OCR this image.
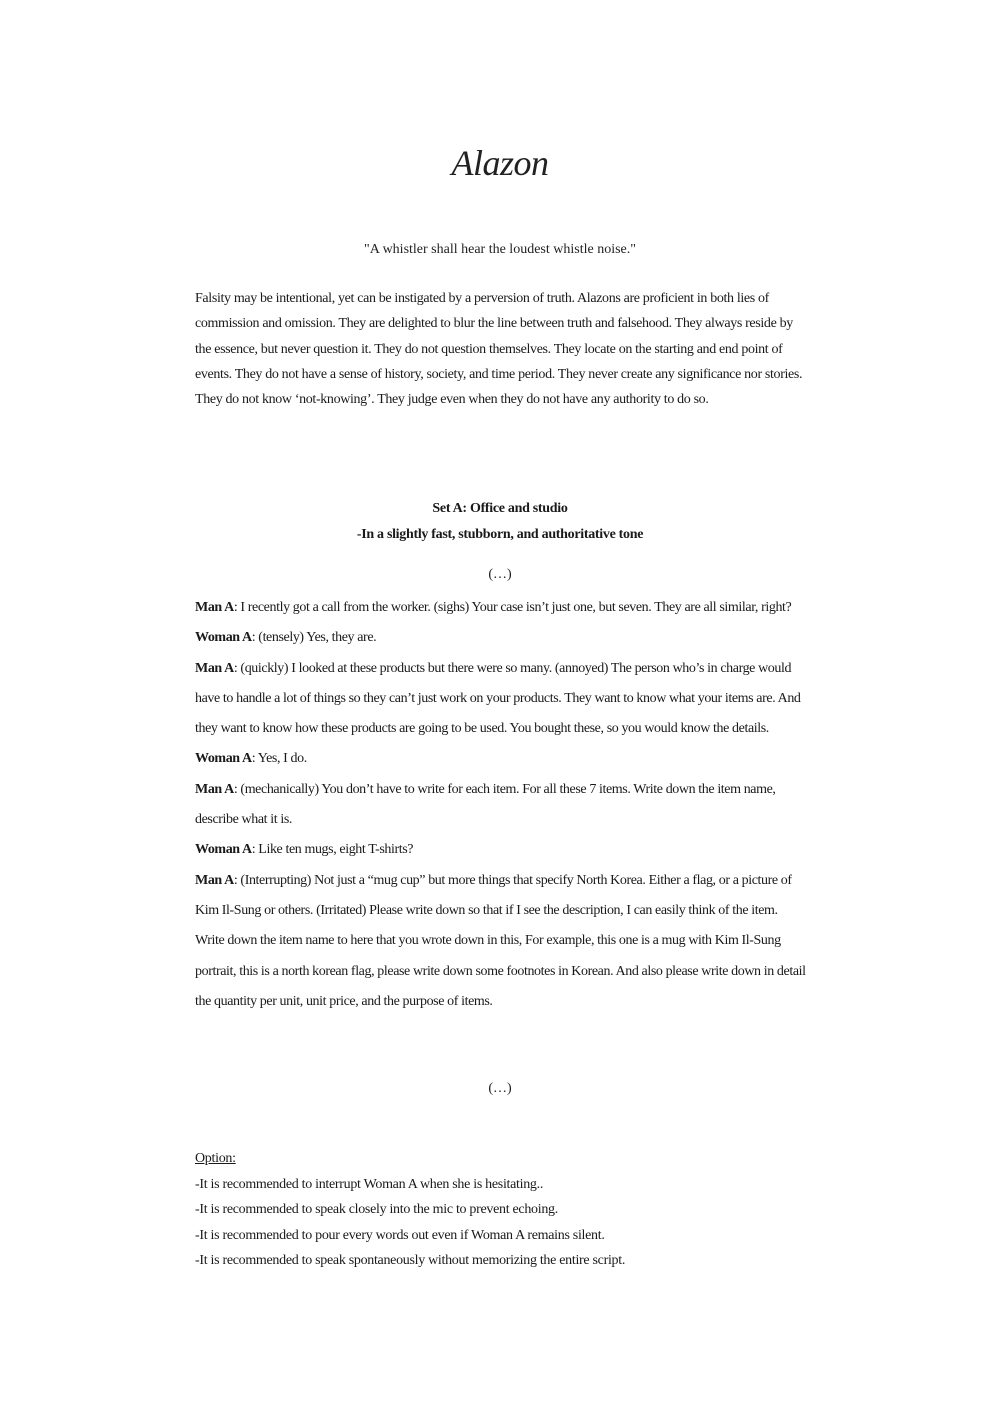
Alazon
"A whistler shall hear the loudest whistle noise."
Falsity may be intentional, yet can be instigated by a perversion of truth. Alazons are proficient in both lies of commission and omission. They are delighted to blur the line between truth and falsehood. They always reside by the essence, but never question it. They do not question themselves. They locate on the starting and end point of events. They do not have a sense of history, society, and time period. They never create any significance nor stories. They do not know ‘not-knowing’. They judge even when they do not have any authority to do so.
Set A: Office and studio
-In a slightly fast, stubborn, and authoritative tone
(…)

Man A: I recently got a call from the worker. (sighs) Your case isn’t just one, but seven. They are all similar, right?

Woman A: (tensely) Yes, they are.

Man A: (quickly) I looked at these products but there were so many. (annoyed) The person who’s in charge would have to handle a lot of things so they can’t just work on your products. They want to know what your items are. And they want to know how these products are going to be used. You bought these, so you would know the details.

Woman A: Yes, I do.

Man A: (mechanically) You don’t have to write for each item. For all these 7 items. Write down the item name, describe what it is.

Woman A: Like ten mugs, eight T-shirts?

Man A: (Interrupting) Not just a “mug cup” but more things that specify North Korea. Either a flag, or a picture of Kim Il-Sung or others. (Irritated) Please write down so that if I see the description, I can easily think of the item. Write down the item name to here that you wrote down in this, For example, this one is a mug with Kim Il-Sung portrait, this is a north korean flag, please write down some footnotes in Korean. And also please write down in detail the quantity per unit, unit price, and the purpose of items.

(…)
Option:
-It is recommended to interrupt Woman A when she is hesitating..
-It is recommended to speak closely into the mic to prevent echoing.
-It is recommended to pour every words out even if Woman A remains silent.
-It is recommended to speak spontaneously without memorizing the entire script.
